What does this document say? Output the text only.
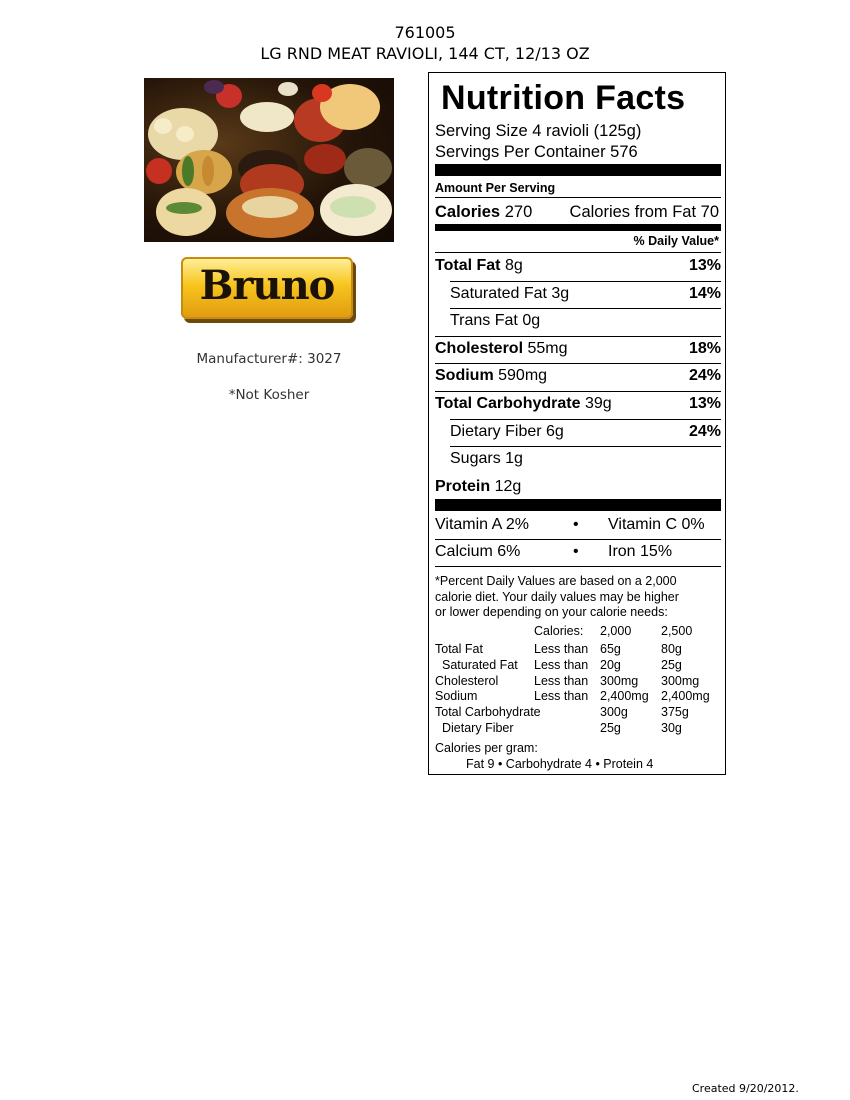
761005
LG RND MEAT RAVIOLI, 144 CT, 12/13 OZ
Bruno
Manufacturer#: 3027
*Not Kosher
Nutrition Facts
Serving Size 4 ravioli (125g)
Servings Per Container 576
Amount Per Serving
Calories 270 Calories from Fat 70
% Daily Value*
Total Fat 8g	13%
Saturated Fat 3g	14%
Trans Fat 0g
Cholesterol 55mg	18%
Sodium 590mg	24%
Total Carbohydrate 39g	13%
Dietary Fiber 6g	24%
Sugars 1g
Protein 12g
Vitamin A 2%	• Vitamin C 0%
Calcium 6%	• Iron 15%
*Percent Daily Values are based on a 2,000
calorie diet. Your daily values may be higher
or lower depending on your calorie needs:
Calories: 2,000 2,500
Total Fat	Less than 65g	80g
Saturated Fat Less than 20g	25g
Cholesterol	Less than 300mg 300mg
Sodium	Less than 2,400mg 2,400mg
Total Carbohydrate	300g	375g
Dietary Fiber	25g	30g
Calories per gram:
Fat 9 • Carbohydrate 4 • Protein 4
Created 9/20/2012.
